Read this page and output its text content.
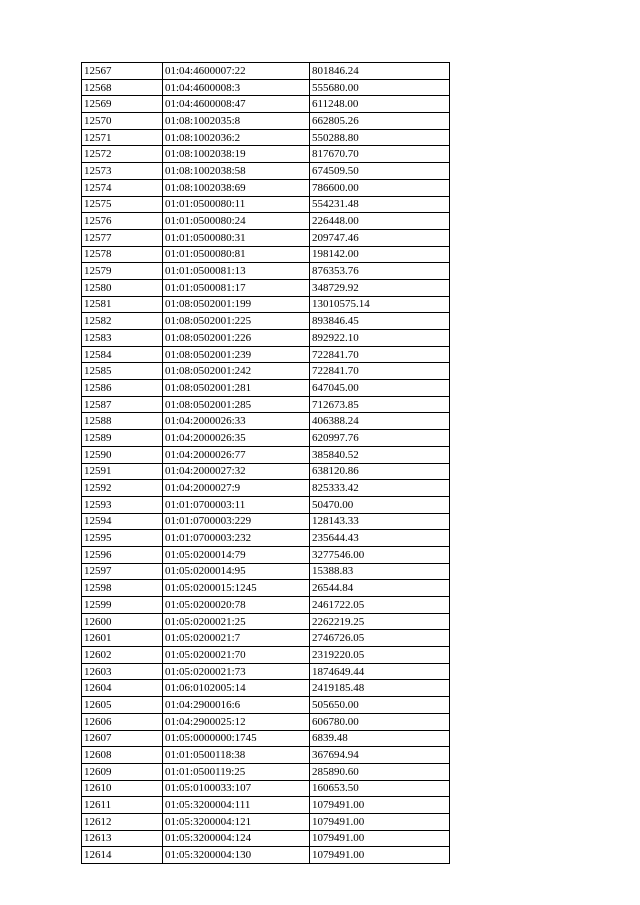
12567	01:04:4600007:22	801846.24
12568	01:04:4600008:3	555680.00
12569	01:04:4600008:47	611248.00
12570	01:08:1002035:8	662805.26
12571	01:08:1002036:2	550288.80
12572	01:08:1002038:19	817670.70
12573	01:08:1002038:58	674509.50
12574	01:08:1002038:69	786600.00
12575	01:01:0500080:11	554231.48
12576	01:01:0500080:24	226448.00
12577	01:01:0500080:31	209747.46
12578	01:01:0500080:81	198142.00
12579	01:01:0500081:13	876353.76
12580	01:01:0500081:17	348729.92
12581	01:08:0502001:199	13010575.14
12582	01:08:0502001:225	893846.45
12583	01:08:0502001:226	892922.10
12584	01:08:0502001:239	722841.70
12585	01:08:0502001:242	722841.70
12586	01:08:0502001:281	647045.00
12587	01:08:0502001:285	712673.85
12588	01:04:2000026:33	406388.24
12589	01:04:2000026:35	620997.76
12590	01:04:2000026:77	385840.52
12591	01:04:2000027:32	638120.86
12592	01:04:2000027:9	825333.42
12593	01:01:0700003:11	50470.00
12594	01:01:0700003:229	128143.33
12595	01:01:0700003:232	235644.43
12596	01:05:0200014:79	3277546.00
12597	01:05:0200014:95	15388.83
12598	01:05:0200015:1245	26544.84
12599	01:05:0200020:78	2461722.05
12600	01:05:0200021:25	2262219.25
12601	01:05:0200021:7	2746726.05
12602	01:05:0200021:70	2319220.05
12603	01:05:0200021:73	1874649.44
12604	01:06:0102005:14	2419185.48
12605	01:04:2900016:6	505650.00
12606	01:04:2900025:12	606780.00
12607	01:05:0000000:1745	6839.48
12608	01:01:0500118:38	367694.94
12609	01:01:0500119:25	285890.60
12610	01:05:0100033:107	160653.50
12611	01:05:3200004:111	1079491.00
12612	01:05:3200004:121	1079491.00
12613	01:05:3200004:124	1079491.00
12614	01:05:3200004:130	1079491.00
